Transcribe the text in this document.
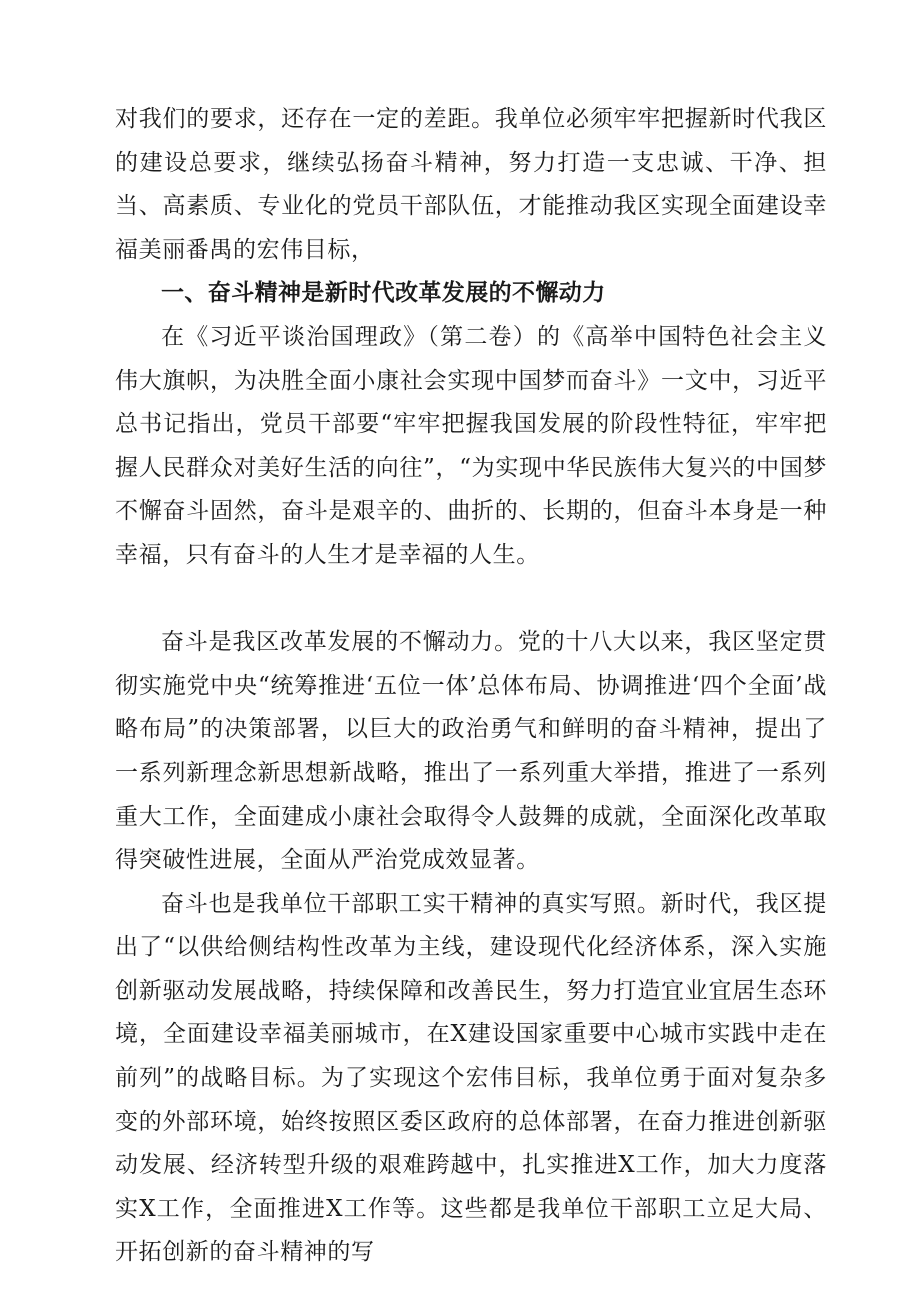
对我们的要求，还存在一定的差距。我单位必须牢牢把握新时代我区的建设总要求，继续弘扬奋斗精神，努力打造一支忠诚、干净、担当、高素质、专业化的党员干部队伍，才能推动我区实现全面建设幸福美丽番禺的宏伟目标，

一、奋斗精神是新时代改革发展的不懈动力

在《习近平谈治国理政》（第二卷）的《高举中国特色社会主义伟大旗帜，为决胜全面小康社会实现中国梦而奋斗》一文中，习近平总书记指出，党员干部要“牢牢把握我国发展的阶段性特征，牢牢把握人民群众对美好生活的向往”，“为实现中华民族伟大复兴的中国梦不懈奋斗固然，奋斗是艰辛的、曲折的、长期的，但奋斗本身是一种幸福，只有奋斗的人生才是幸福的人生。

奋斗是我区改革发展的不懈动力。党的十八大以来，我区坚定贯彻实施党中央“统筹推进‘五位一体’总体布局、协调推进‘四个全面’战略布局”的决策部署，以巨大的政治勇气和鲜明的奋斗精神，提出了一系列新理念新思想新战略，推出了一系列重大举措，推进了一系列重大工作，全面建成小康社会取得令人鼓舞的成就，全面深化改革取得突破性进展，全面从严治党成效显著。

奋斗也是我单位干部职工实干精神的真实写照。新时代，我区提出了“以供给侧结构性改革为主线，建设现代化经济体系，深入实施创新驱动发展战略，持续保障和改善民生，努力打造宜业宜居生态环境，全面建设幸福美丽城市，在X建设国家重要中心城市实践中走在前列”的战略目标。为了实现这个宏伟目标，我单位勇于面对复杂多变的外部环境，始终按照区委区政府的总体部署，在奋力推进创新驱动发展、经济转型升级的艰难跨越中，扎实推进X工作，加大力度落实X工作，全面推进X工作等。这些都是我单位干部职工立足大局、开拓创新的奋斗精神的写
